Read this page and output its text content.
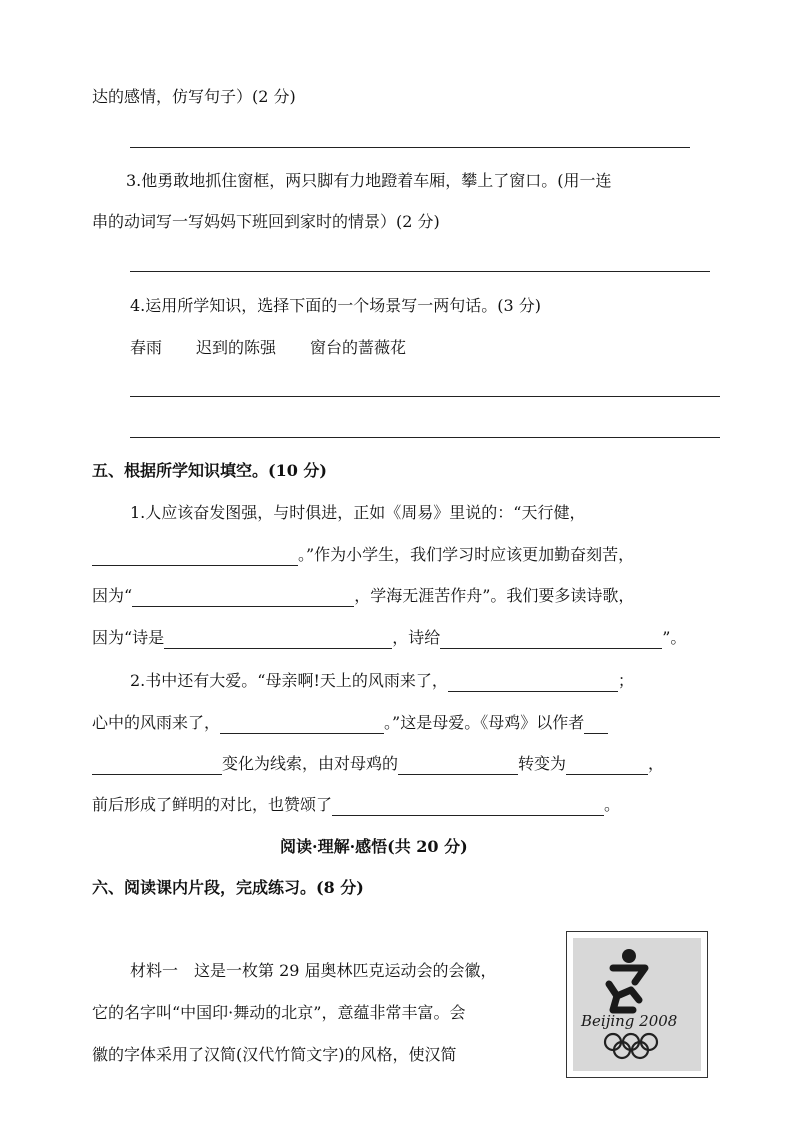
达的感情，仿写句子）(2 分)
3.他勇敢地抓住窗框，两只脚有力地蹬着车厢，攀上了窗口。(用一连
串的动词写一写妈妈下班回到家时的情景）(2 分)
4.运用所学知识，选择下面的一个场景写一两句话。(3 分)
春雨 迟到的陈强 窗台的蔷薇花
五、根据所学知识填空。(10 分)
1.人应该奋发图强，与时俱进，正如《周易》里说的：“天行健，
。”作为小学生，我们学习时应该更加勤奋刻苦，
因为“	，学海无涯苦作舟”。我们要多读诗歌，
因为“诗是	，诗给	”。
2.书中还有大爱。“母亲啊!天上的风雨来了，	；
心中的风雨来了，	。”这是母爱。《母鸡》以作者
变化为线索，由对母鸡的	转变为	，
前后形成了鲜明的对比，也赞颂了	。
阅读·理解·感悟(共 20 分)
六、阅读课内片段，完成练习。(8 分)
材料一　这是一枚第 29 届奥林匹克运动会的会徽，
它的名字叫“中国印·舞动的北京”，意蕴非常丰富。会
徽的字体采用了汉简(汉代竹简文字)的风格，使汉简
Beijing 2008
